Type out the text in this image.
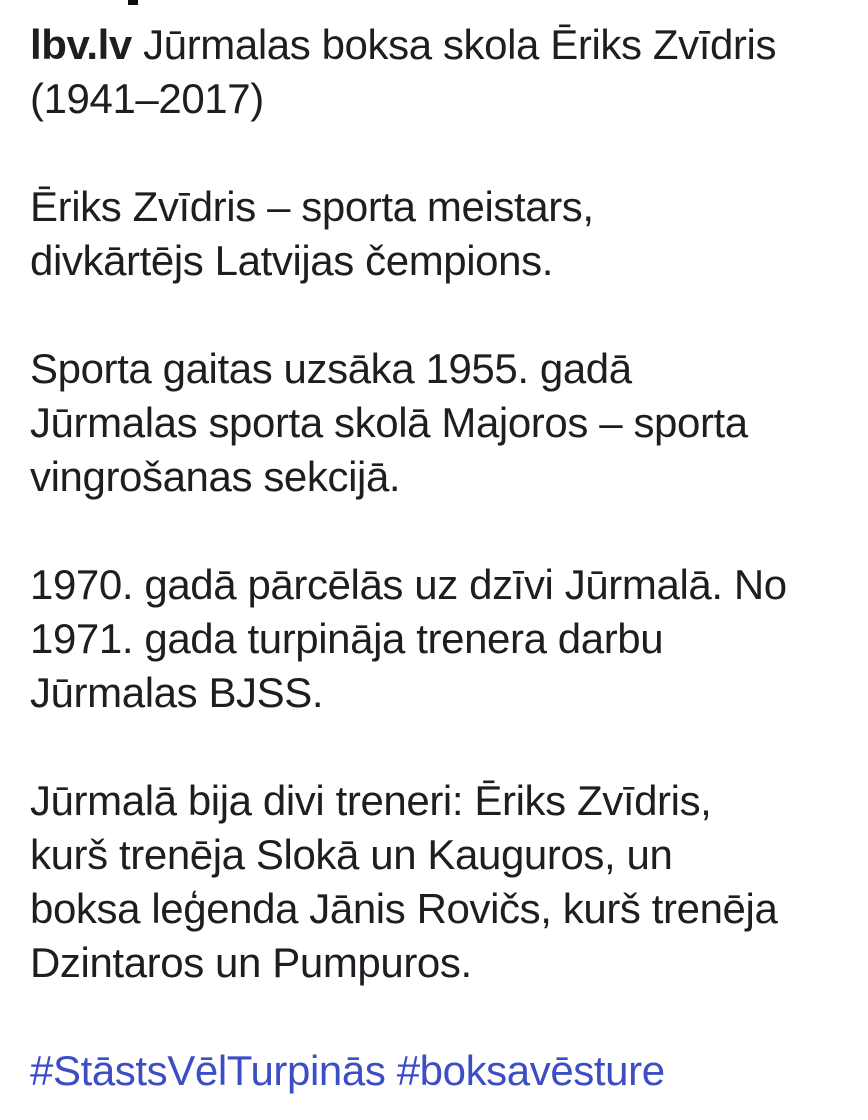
lbv.lv Jūrmalas boksa skola Ēriks Zvīdris
(1941–2017)

Ēriks Zvīdris – sporta meistars,
divkārtējs Latvijas čempions.

Sporta gaitas uzsāka 1955. gadā
Jūrmalas sporta skolā Majoros – sporta
vingrošanas sekcijā.

1970. gadā pārcēlās uz dzīvi Jūrmalā. No
1971. gada turpināja trenera darbu
Jūrmalas BJSS.

Jūrmalā bija divi treneri: Ēriks Zvīdris,
kurš trenēja Slokā un Kauguros, un
boksa leģenda Jānis Rovičs, kurš trenēja
Dzintaros un Pumpuros.

#StāstsVēlTurpinās #boksavēsture
